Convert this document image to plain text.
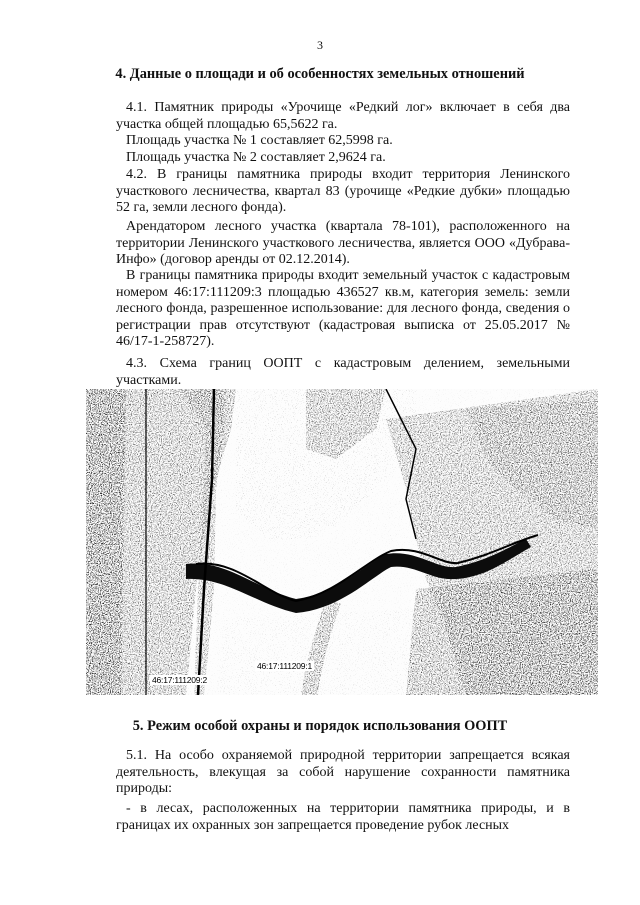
3
4. Данные о площади и об особенностях земельных отношений

4.1. Памятник природы «Урочище «Редкий лог» включает в себя два участка общей площадью 65,5622 га.

Площадь участка № 1 составляет 62,5998 га.

Площадь участка № 2 составляет 2,9624 га.

4.2. В границы памятника природы входит территория Ленинского участкового лесничества, квартал 83 (урочище «Редкие дубки» площадью 52 га, земли лесного фонда).

Арендатором лесного участка (квартала 78-101), расположенного на территории Ленинского участкового лесничества, является ООО «Дубрава-Инфо» (договор аренды от 02.12.2014).

В границы памятника природы входит земельный участок с кадастровым номером 46:17:111209:3 площадью 436527 кв.м, категория земель: земли лесного фонда, разрешенное использование: для лесного фонда, сведения о регистрации прав отсутствуют (кадастровая выписка от 25.05.2017 № 46/17-1-258727).

4.3. Схема границ ООПТ с кадастровым делением, земельными участками.

46:17:111209:1
46:17:111209:2
5. Режим особой охраны и порядок использования ООПТ

5.1. На особо охраняемой природной территории запрещается всякая деятельность, влекущая за собой нарушение сохранности памятника природы:

- в лесах, расположенных на территории памятника природы, и в границах их охранных зон запрещается проведение рубок лесных
